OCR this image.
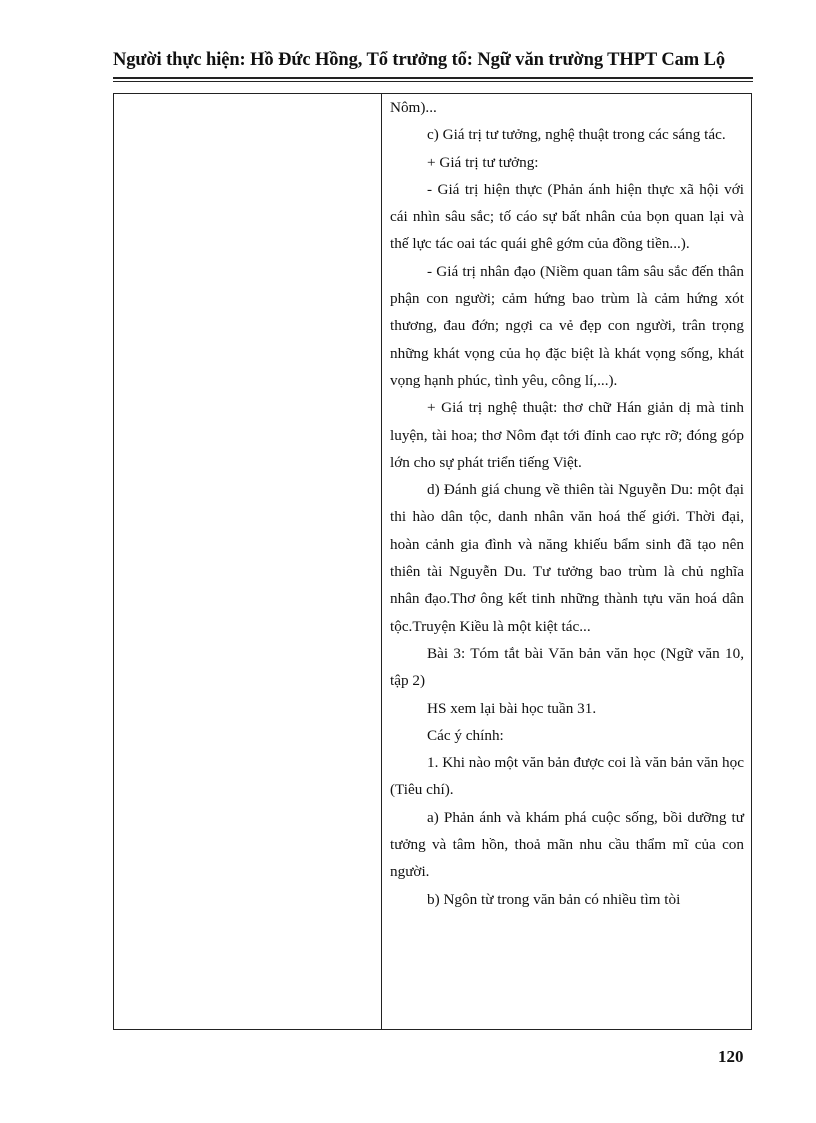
Người thực hiện: Hồ Đức Hồng, Tổ trưởng tổ: Ngữ văn trường THPT Cam Lộ

Nôm)...

c) Giá trị tư tưởng, nghệ thuật trong các sáng tác.

+ Giá trị tư tưởng:

- Giá trị hiện thực (Phản ánh hiện thực xã hội với cái nhìn sâu sắc; tố cáo sự bất nhân của bọn quan lại và thế lực tác oai tác quái ghê gớm của đồng tiền...).

- Giá trị nhân đạo (Niềm quan tâm sâu sắc đến thân phận con người; cảm hứng bao trùm là cảm hứng xót thương, đau đớn; ngợi ca vẻ đẹp con người, trân trọng những khát vọng của họ đặc biệt là khát vọng sống, khát vọng hạnh phúc, tình yêu, công lí,...).

+ Giá trị nghệ thuật: thơ chữ Hán giản dị mà tinh luyện, tài hoa; thơ Nôm đạt tới đỉnh cao rực rỡ; đóng góp lớn cho sự phát triển tiếng Việt.

d) Đánh giá chung về thiên tài Nguyễn Du: một đại thi hào dân tộc, danh nhân văn hoá thế giới. Thời đại, hoàn cảnh gia đình và năng khiếu bẩm sinh đã tạo nên thiên tài Nguyễn Du. Tư tưởng bao trùm là chủ nghĩa nhân đạo.Thơ ông kết tinh những thành tựu văn hoá dân tộc.Truyện Kiều là một kiệt tác...

Bài 3: Tóm tắt bài Văn bản văn học (Ngữ văn 10, tập 2)

HS xem lại bài học tuần 31.

Các ý chính:

1. Khi nào một văn bản được coi là văn bản văn học (Tiêu chí).

a) Phản ánh và khám phá cuộc sống, bồi dưỡng tư tưởng và tâm hồn, thoả mãn nhu cầu thẩm mĩ của con người.

b) Ngôn từ trong văn bản có nhiều tìm tòi

120
